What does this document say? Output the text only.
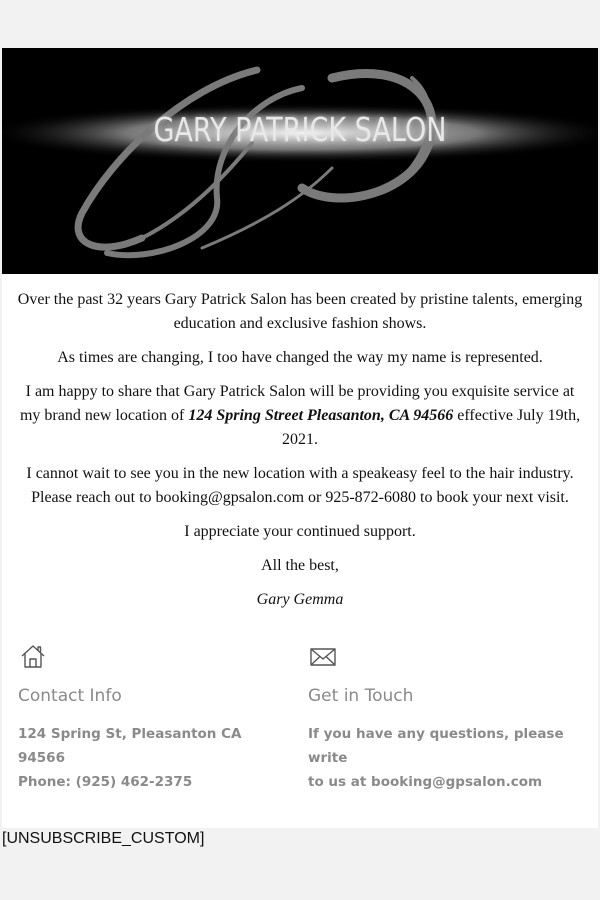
GARY PATRICK SALON

Over the past 32 years Gary Patrick Salon has been created by pristine talents, emerging education and exclusive fashion shows.

As times are changing, I too have changed the way my name is represented.

I am happy to share that Gary Patrick Salon will be providing you exquisite service at my brand new location of 124 Spring Street Pleasanton, CA 94566 effective July 19th, 2021.

I cannot wait to see you in the new location with a speakeasy feel to the hair industry. Please reach out to booking@gpsalon.com or 925-872-6080 to book your next visit.

I appreciate your continued support.

All the best,

Gary Gemma

Contact Info
124 Spring St, Pleasanton CA 94566
Phone: (925) 462-2375
Get in Touch
If you have any questions, please write
to us at booking@gpsalon.com
[UNSUBSCRIBE_CUSTOM]
